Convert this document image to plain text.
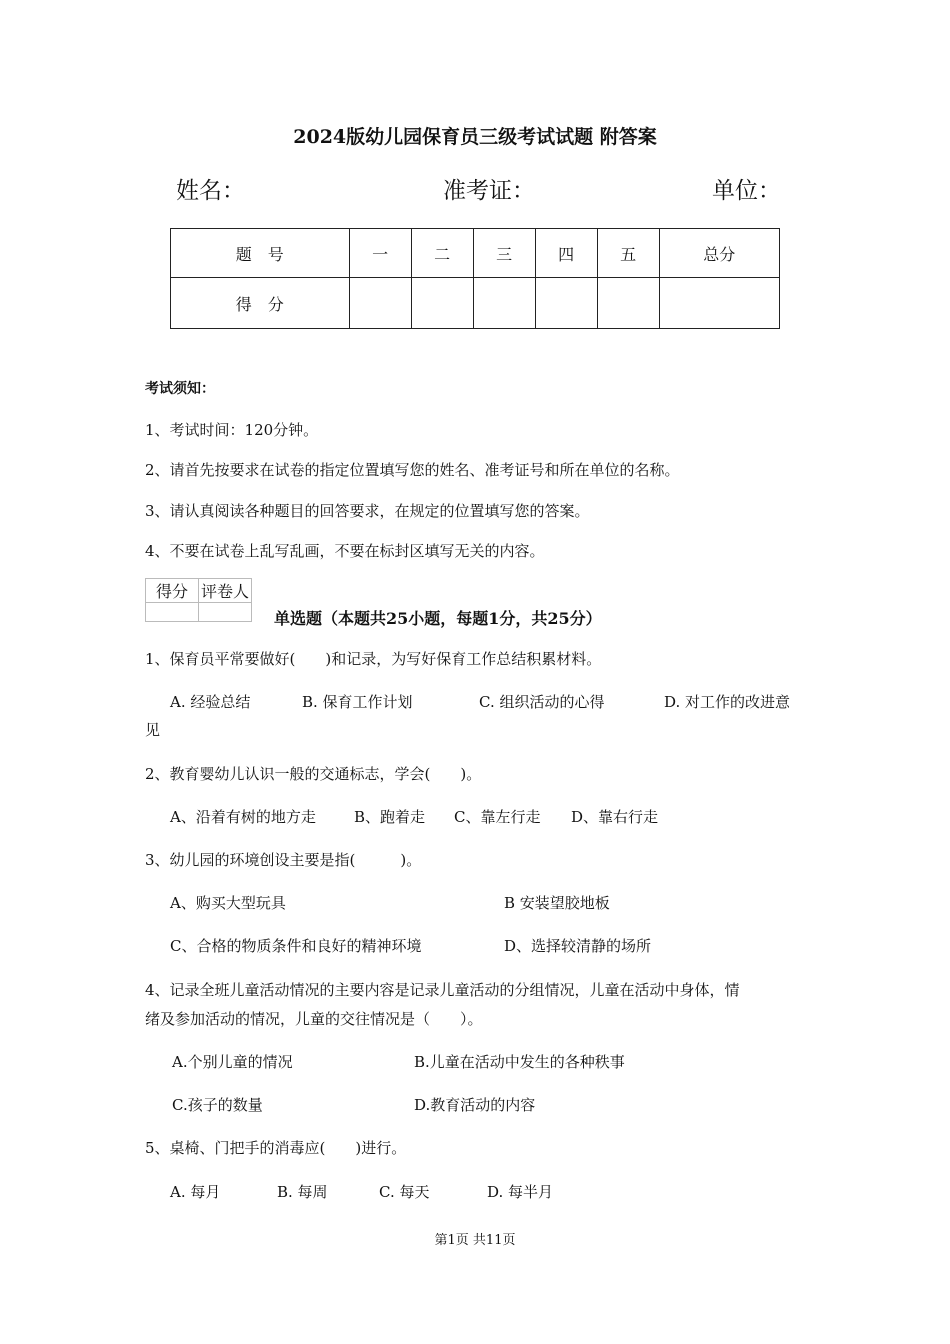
2024版幼儿园保育员三级考试试题 附答案
姓名：	准考证：	单位：
题　号	一	二	三	四	五	总分
得　分						
考试须知：
1、考试时间：120分钟。
2、请首先按要求在试卷的指定位置填写您的姓名、准考证号和所在单位的名称。
3、请认真阅读各种题目的回答要求，在规定的位置填写您的答案。
4、不要在试卷上乱写乱画，不要在标封区填写无关的内容。
得分	评卷人

单选题（本题共25小题，每题1分，共25分）
1、保育员平常要做好(　　)和记录，为写好保育工作总结积累材料。
A. 经验总结	B. 保育工作计划	C. 组织活动的心得	D. 对工作的改进意
见
2、教育婴幼儿认识一般的交通标志，学会(　　)。
A、沿着有树的地方走	B、跑着走 C、靠左行走 D、靠右行走
3、幼儿园的环境创设主要是指(　　　)。
A、购买大型玩具	B 安装望胶地板
C、合格的物质条件和良好的精神环境	D、选择较清静的场所
4、记录全班儿童活动情况的主要内容是记录儿童活动的分组情况，儿童在活动中身体，情
绪及参加活动的情况，儿童的交往情况是（　　）。
A.个别儿童的情况	B.儿童在活动中发生的各种秩事
C.孩子的数量	D.教育活动的内容
5、桌椅、门把手的消毒应(　　)进行。
A. 每月	B. 每周	C. 每天	D. 每半月
第1页 共11页
